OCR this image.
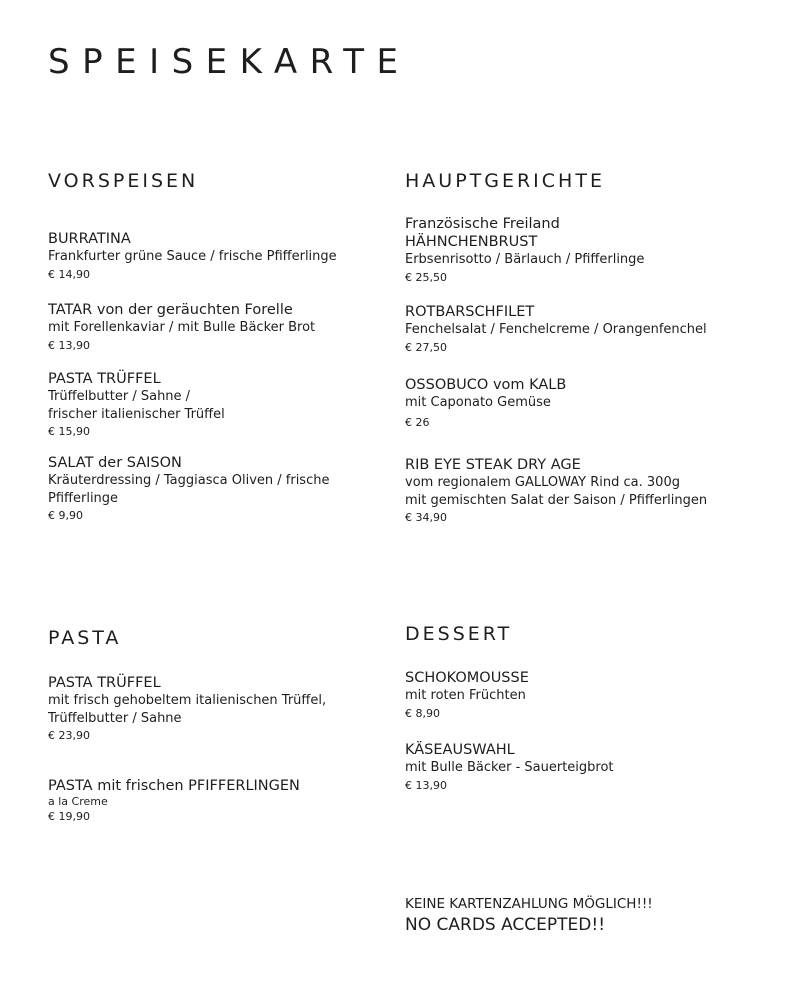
SPEISEKARTE
VORSPEISEN
BURRATINA
Frankfurter grüne Sauce / frische Pfifferlinge
€ 14,90
TATAR von der geräuchten Forelle
mit Forellenkaviar / mit Bulle Bäcker Brot
€ 13,90
PASTA TRÜFFEL
Trüffelbutter / Sahne /
frischer italienischer Trüffel
€ 15,90
SALAT der SAISON
Kräuterdressing / Taggiasca Oliven / frische
Pfifferlinge
€ 9,90
HAUPTGERICHTE
Französische Freiland
HÄHNCHENBRUST
Erbsenrisotto / Bärlauch / Pfifferlinge
€ 25,50
ROTBARSCHFILET
Fenchelsalat / Fenchelcreme / Orangenfenchel
€ 27,50
OSSOBUCO vom KALB
mit Caponato Gemüse
€ 26
RIB EYE STEAK DRY AGE
vom regionalem GALLOWAY Rind ca. 300g
mit gemischten Salat der Saison / Pfifferlingen
€ 34,90
PASTA
PASTA TRÜFFEL
mit frisch gehobeltem italienischen Trüffel,
Trüffelbutter / Sahne
€ 23,90
PASTA mit frischen PFIFFERLINGEN
a la Creme
€ 19,90
DESSERT
SCHOKOMOUSSE
mit roten Früchten
€ 8,90
KÄSEAUSWAHL
mit Bulle Bäcker - Sauerteigbrot
€ 13,90
KEINE KARTENZAHLUNG MÖGLICH!!!
NO CARDS ACCEPTED!!
